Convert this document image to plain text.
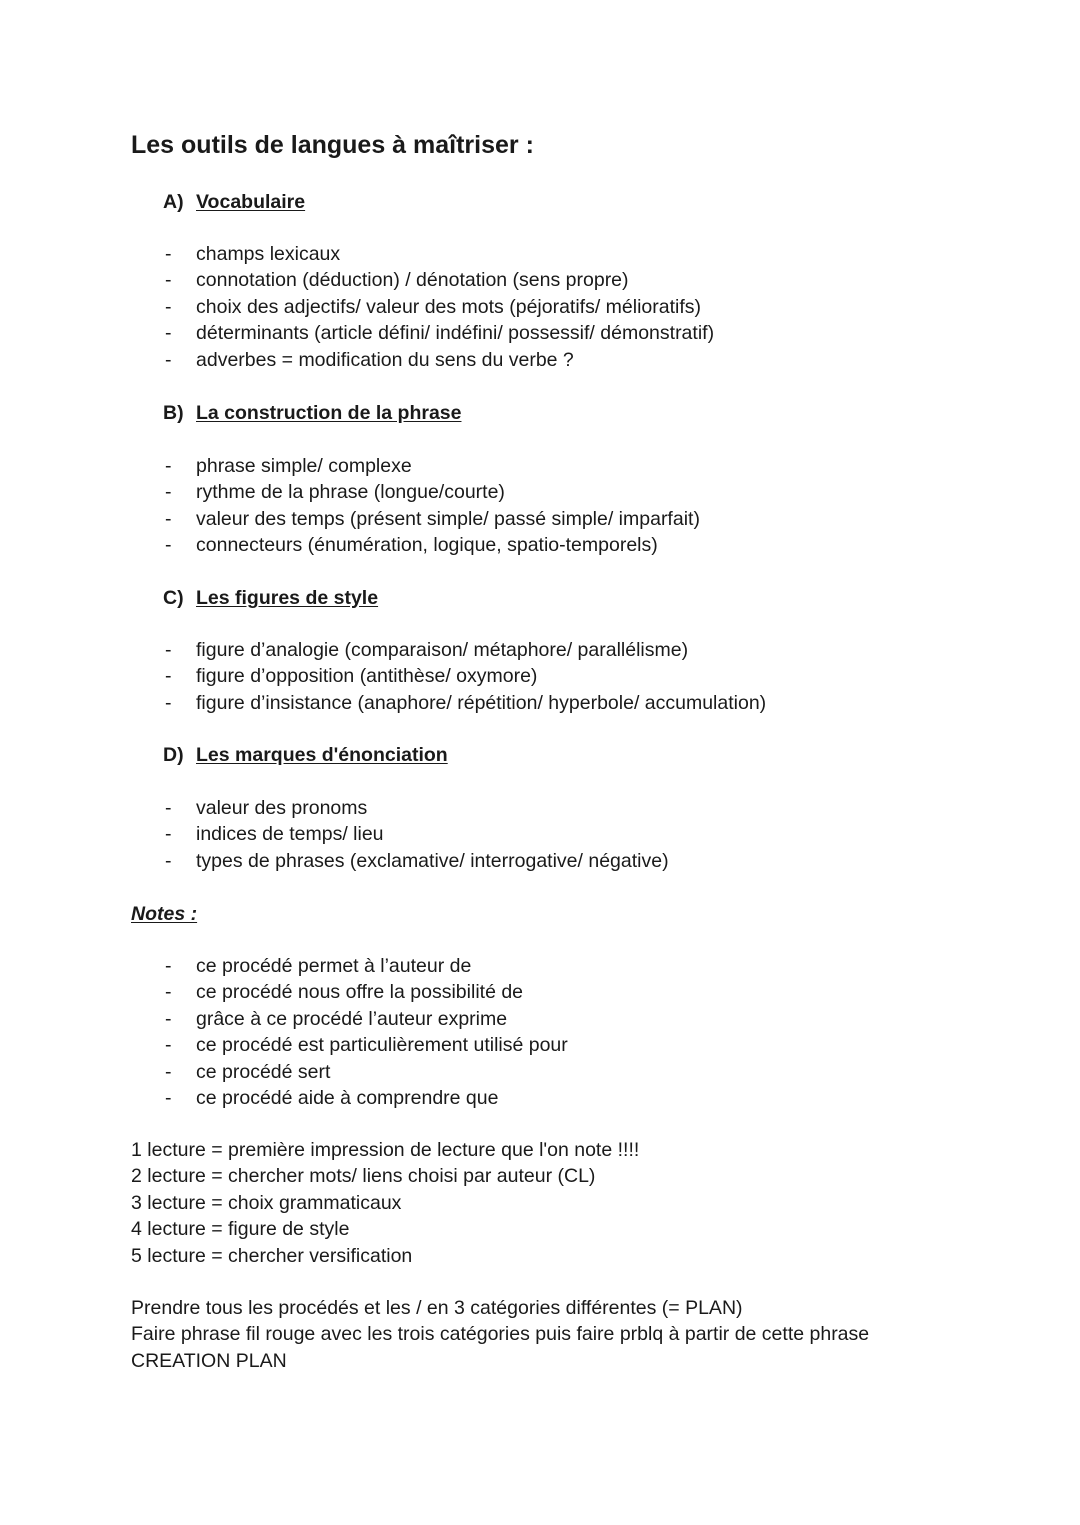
Les outils de langues à maîtriser :
A) Vocabulaire
- champs lexicaux
- connotation (déduction) / dénotation (sens propre)
- choix des adjectifs/ valeur des mots (péjoratifs/ mélioratifs)
- déterminants (article défini/ indéfini/ possessif/ démonstratif)
- adverbes = modification du sens du verbe ?
B) La construction de la phrase
- phrase simple/ complexe
- rythme de la phrase (longue/courte)
- valeur des temps (présent simple/ passé simple/ imparfait)
- connecteurs (énumération, logique, spatio-temporels)
C) Les figures de style
- figure d’analogie (comparaison/ métaphore/ parallélisme)
- figure d’opposition (antithèse/ oxymore)
- figure d’insistance (anaphore/ répétition/ hyperbole/ accumulation)
D) Les marques d'énonciation
- valeur des pronoms
- indices de temps/ lieu
- types de phrases (exclamative/ interrogative/ négative)
Notes :
- ce procédé permet à l’auteur de
- ce procédé nous offre la possibilité de
- grâce à ce procédé l’auteur exprime
- ce procédé est particulièrement utilisé pour
- ce procédé sert
- ce procédé aide à comprendre que
1 lecture = première impression de lecture que l'on note !!!!
2 lecture = chercher mots/ liens choisi par auteur (CL)
3 lecture = choix grammaticaux
4 lecture = figure de style
5 lecture = chercher versification
Prendre tous les procédés et les / en 3 catégories différentes (= PLAN)
Faire phrase fil rouge avec les trois catégories puis faire prblq à partir de cette phrase
CREATION PLAN
